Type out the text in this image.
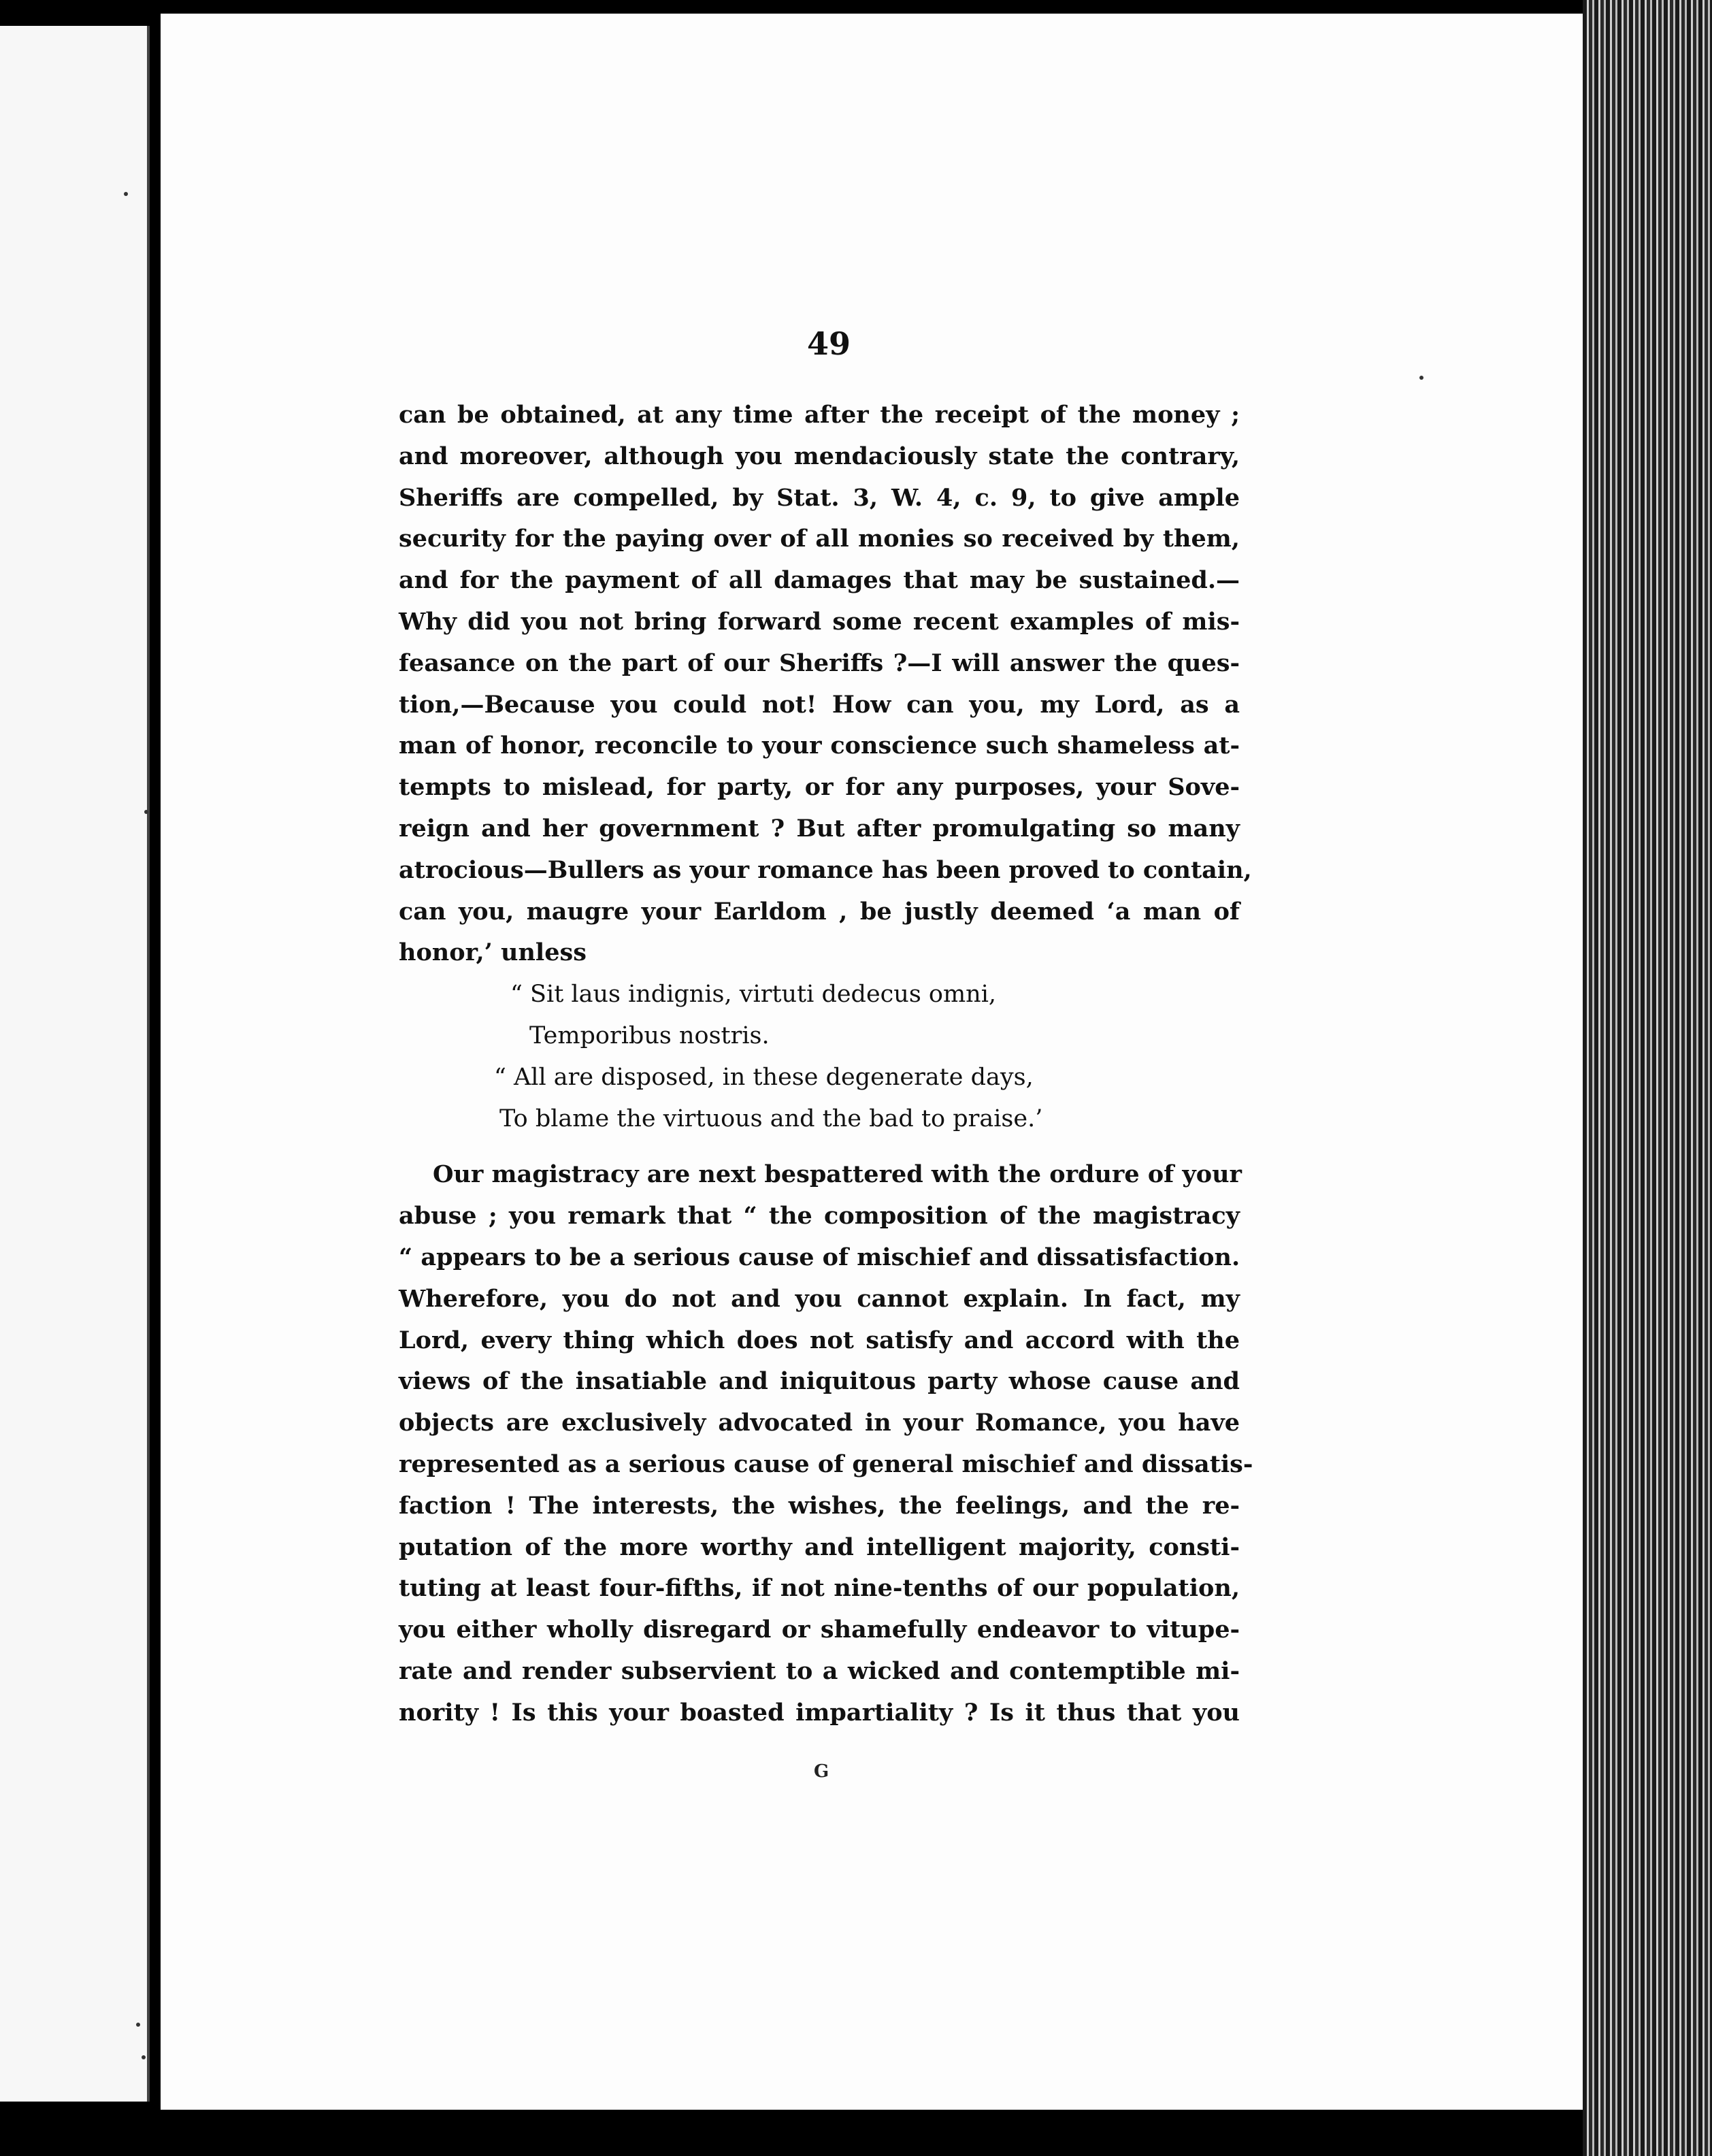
49
can be obtained, at any time after the receipt of the money ;
and moreover, although you mendaciously state the contrary,
Sheriffs are compelled, by Stat. 3, W. 4, c. 9, to give ample
security for the paying over of all monies so received by them,
and for the payment of all damages that may be sustained.—
Why did you not bring forward some recent examples of mis-
feasance on the part of our Sheriffs ?—I will answer the ques-
tion,—Because you could not! How can you, my Lord, as a
man of honor, reconcile to your conscience such shameless at-
tempts to mislead, for party, or for any purposes, your Sove-
reign and her government ? But after promulgating so many
atrocious—Bullers as your romance has been proved to contain,
can you, maugre your Earldom , be justly deemed ‘a man of
honor,’ unless
“ Sit laus indignis, virtuti dedecus omni,
Temporibus nostris.
“ All are disposed, in these degenerate days,
To blame the virtuous and the bad to praise.’
Our magistracy are next bespattered with the ordure of your
abuse ; you remark that “ the composition of the magistracy
“ appears to be a serious cause of mischief and dissatisfaction.
Wherefore, you do not and you cannot explain. In fact, my
Lord, every thing which does not satisfy and accord with the
views of the insatiable and iniquitous party whose cause and
objects are exclusively advocated in your Romance, you have
represented as a serious cause of general mischief and dissatis-
faction ! The interests, the wishes, the feelings, and the re-
putation of the more worthy and intelligent majority, consti-
tuting at least four-fifths, if not nine-tenths of our population,
you either wholly disregard or shamefully endeavor to vitupe-
rate and render subservient to a wicked and contemptible mi-
nority ! Is this your boasted impartiality ? Is it thus that you
G
